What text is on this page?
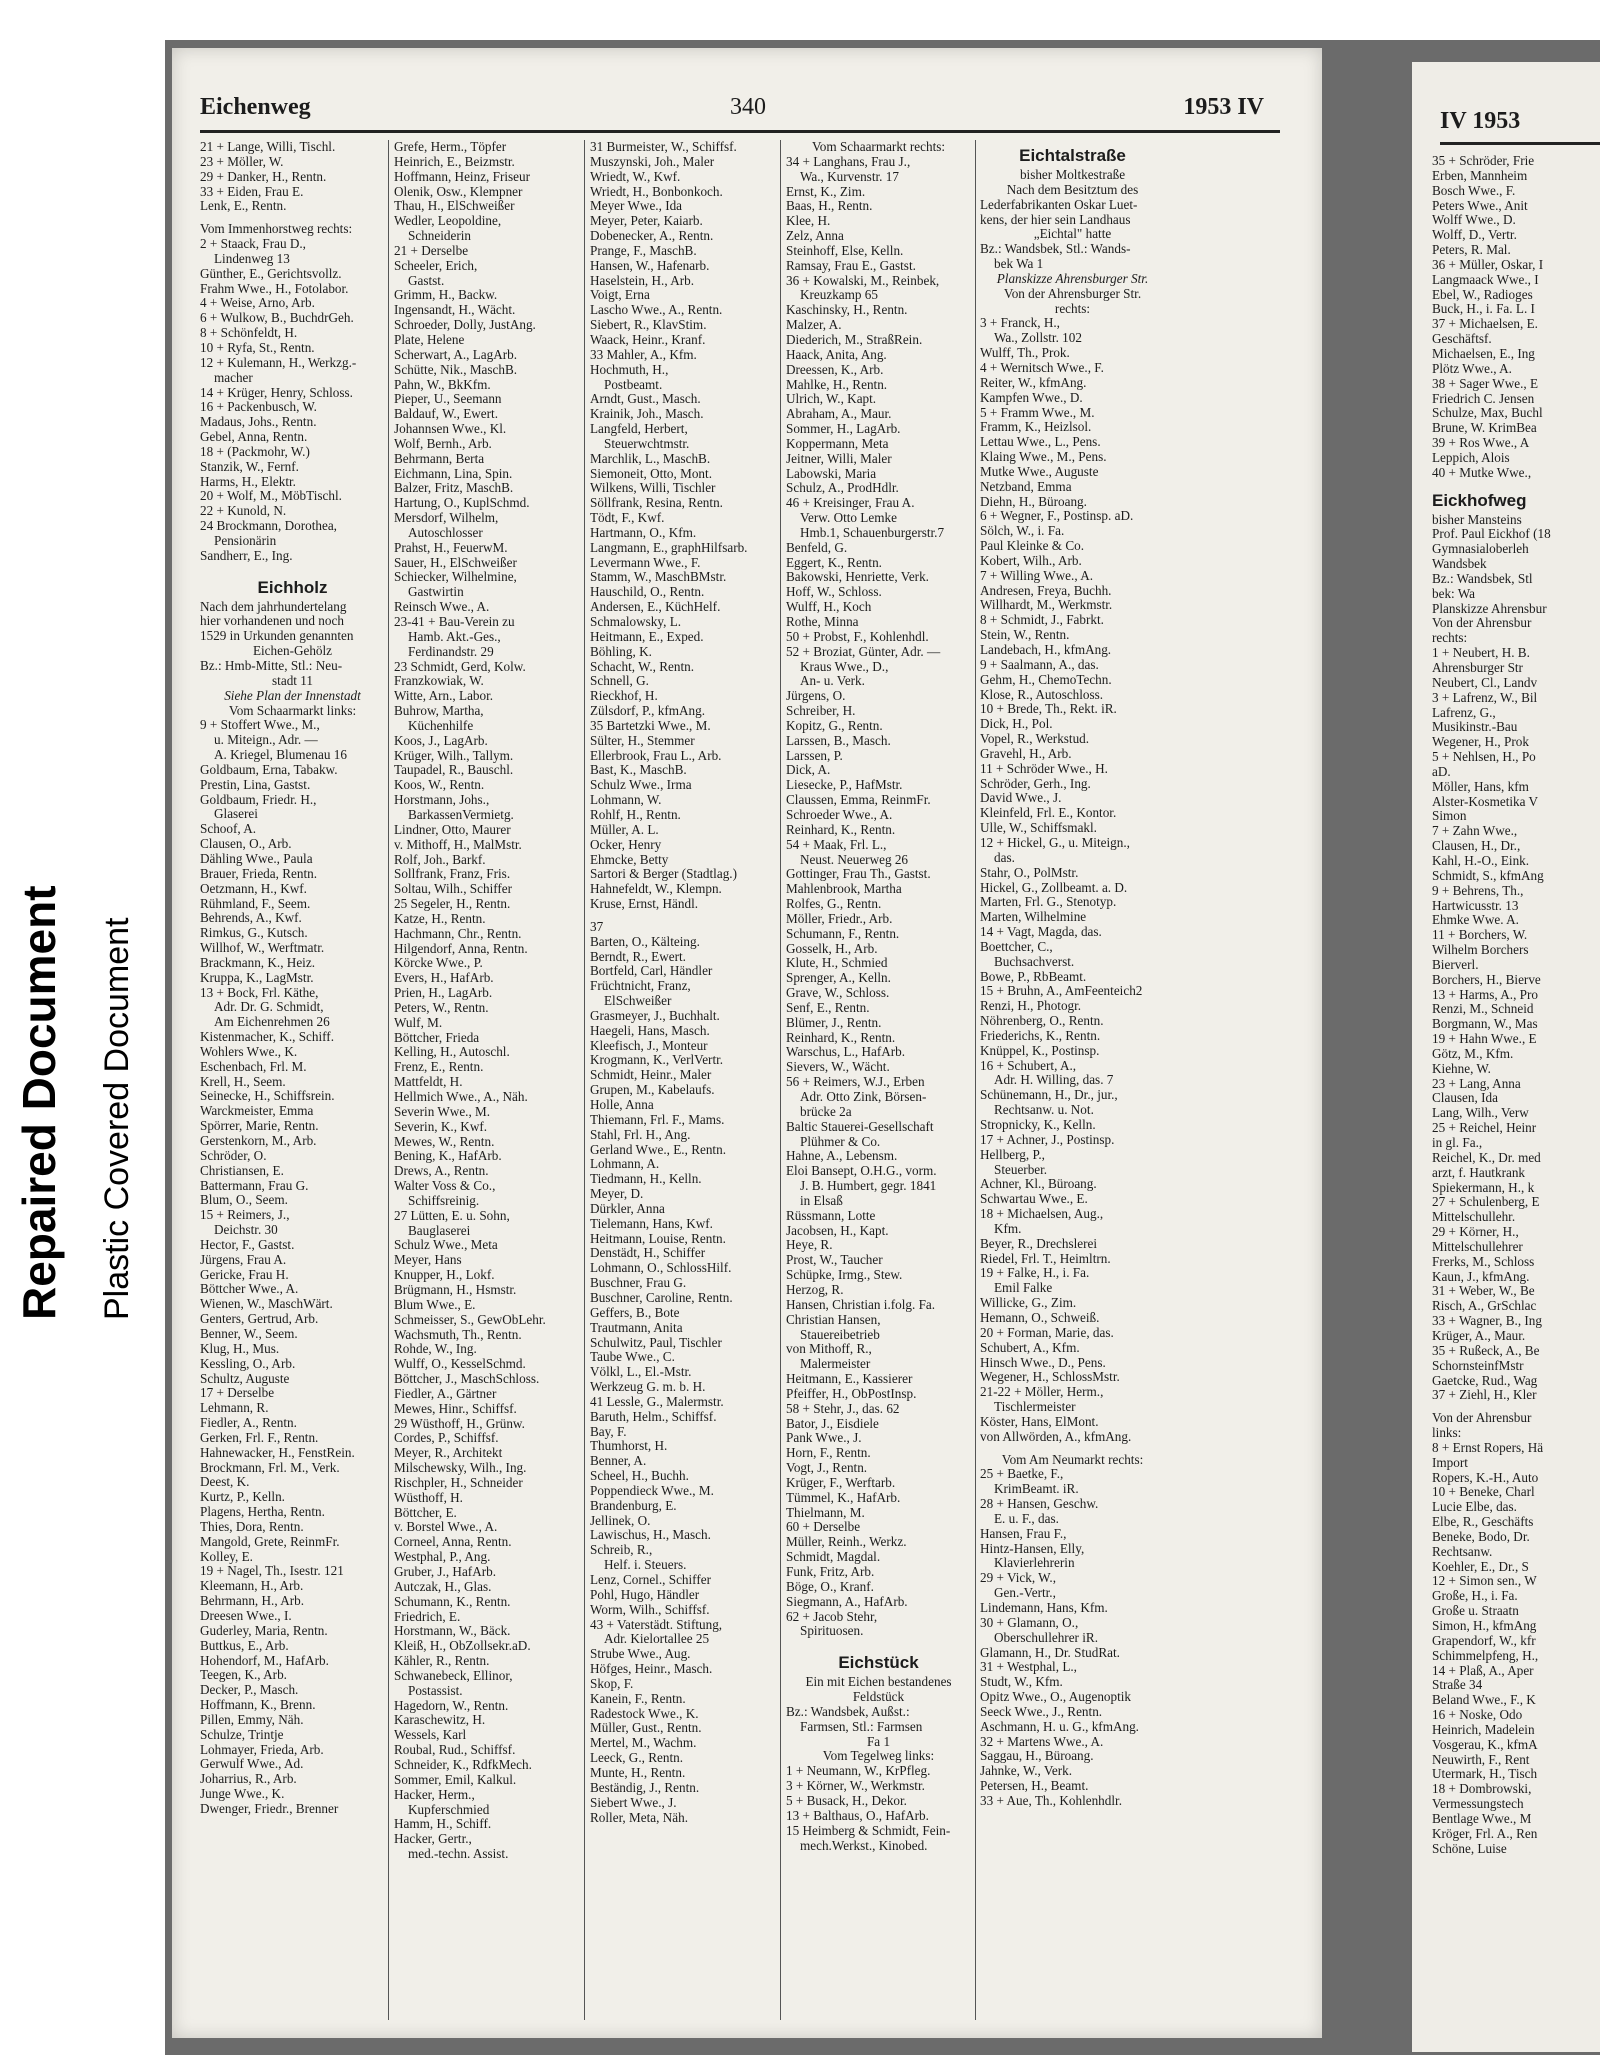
Repaired Document Plastic Covered Document
Eichenweg	340	1953 IV
21 + Lange, Willi, Tischl.
23 + Möller, W.
29 + Danker, H., Rentn.
33 + Eiden, Frau E.
Lenk, E., Rentn.
Vom Immenhorstweg rechts:
2 + Staack, Frau D.,
Lindenweg 13
Günther, E., Gerichtsvollz.
Frahm Wwe., H., Fotolabor.
4 + Weise, Arno, Arb.
6 + Wulkow, B., BuchdrGeh.
8 + Schönfeldt, H.
10 + Ryfa, St., Rentn.
12 + Kulemann, H., Werkzg.-
macher
14 + Krüger, Henry, Schloss.
16 + Packenbusch, W.
Madaus, Johs., Rentn.
Gebel, Anna, Rentn.
18 + (Packmohr, W.)
Stanzik, W., Fernf.
Harms, H., Elektr.
20 + Wolf, M., MöbTischl.
22 + Kunold, N.
24 Brockmann, Dorothea,
Pensionärin
Sandherr, E., Ing.
Eichholz
Nach dem jahrhundertelang
hier vorhandenen und noch
1529 in Urkunden genannten
Eichen-Gehölz
Bz.: Hmb-Mitte, Stl.: Neu-
stadt 11
Siehe Plan der Innenstadt
Vom Schaarmarkt links:
9 + Stoffert Wwe., M.,
u. Miteign., Adr. —
A. Kriegel, Blumenau 16
Goldbaum, Erna, Tabakw.
Prestin, Lina, Gastst.
Goldbaum, Friedr. H.,
Glaserei
Schoof, A.
Clausen, O., Arb.
Dähling Wwe., Paula
Brauer, Frieda, Rentn.
Oetzmann, H., Kwf.
Rühmland, F., Seem.
Behrends, A., Kwf.
Rimkus, G., Kutsch.
Willhof, W., Werftmatr.
Brackmann, K., Heiz.
Kruppa, K., LagMstr.
13 + Bock, Frl. Käthe,
Adr. Dr. G. Schmidt,
Am Eichenrehmen 26
Kistenmacher, K., Schiff.
Wohlers Wwe., K.
Eschenbach, Frl. M.
Krell, H., Seem.
Seinecke, H., Schiffsrein.
Warckmeister, Emma
Spörrer, Marie, Rentn.
Gerstenkorn, M., Arb.
Schröder, O.
Christiansen, E.
Battermann, Frau G.
Blum, O., Seem.
15 + Reimers, J.,
Deichstr. 30
Hector, F., Gastst.
Jürgens, Frau A.
Gericke, Frau H.
Böttcher Wwe., A.
Wienen, W., MaschWärt.
Genters, Gertrud, Arb.
Benner, W., Seem.
Klug, H., Mus.
Kessling, O., Arb.
Schultz, Auguste
17 + Derselbe
Lehmann, R.
Fiedler, A., Rentn.
Gerken, Frl. F., Rentn.
Hahnewacker, H., FenstRein.
Brockmann, Frl. M., Verk.
Deest, K.
Kurtz, P., Kelln.
Plagens, Hertha, Rentn.
Thies, Dora, Rentn.
Mangold, Grete, ReinmFr.
Kolley, E.
19 + Nagel, Th., Isestr. 121
Kleemann, H., Arb.
Behrmann, H., Arb.
Dreesen Wwe., I.
Guderley, Maria, Rentn.
Buttkus, E., Arb.
Hohendorf, M., HafArb.
Teegen, K., Arb.
Decker, P., Masch.
Hoffmann, K., Brenn.
Pillen, Emmy, Näh.
Schulze, Trintje
Lohmayer, Frieda, Arb.
Gerwulf Wwe., Ad.
Joharrius, R., Arb.
Junge Wwe., K.
Dwenger, Friedr., Brenner
Grefe, Herm., Töpfer
Heinrich, E., Beizmstr.
Hoffmann, Heinz, Friseur
Olenik, Osw., Klempner
Thau, H., ElSchweißer
Wedler, Leopoldine,
Schneiderin
21 + Derselbe
Scheeler, Erich,
Gastst.
Grimm, H., Backw.
Ingensandt, H., Wächt.
Schroeder, Dolly, JustAng.
Plate, Helene
Scherwart, A., LagArb.
Schütte, Nik., MaschB.
Pahn, W., BkKfm.
Pieper, U., Seemann
Baldauf, W., Ewert.
Johannsen Wwe., Kl.
Wolf, Bernh., Arb.
Behrmann, Berta
Eichmann, Lina, Spin.
Balzer, Fritz, MaschB.
Hartung, O., KuplSchmd.
Mersdorf, Wilhelm,
Autoschlosser
Prahst, H., FeuerwM.
Sauer, H., ElSchweißer
Schiecker, Wilhelmine,
Gastwirtin
Reinsch Wwe., A.
23-41 + Bau-Verein zu
Hamb. Akt.-Ges.,
Ferdinandstr. 29
23 Schmidt, Gerd, Kolw.
Franzkowiak, W.
Witte, Arn., Labor.
Buhrow, Martha,
Küchenhilfe
Koos, J., LagArb.
Krüger, Wilh., Tallym.
Taupadel, R., Bauschl.
Koos, W., Rentn.
Horstmann, Johs.,
BarkassenVermietg.
Lindner, Otto, Maurer
v. Mithoff, H., MalMstr.
Rolf, Joh., Barkf.
Sollfrank, Franz, Fris.
Soltau, Wilh., Schiffer
25 Segeler, H., Rentn.
Katze, H., Rentn.
Hachmann, Chr., Rentn.
Hilgendorf, Anna, Rentn.
Körcke Wwe., P.
Evers, H., HafArb.
Prien, H., LagArb.
Peters, W., Rentn.
Wulf, M.
Böttcher, Frieda
Kelling, H., Autoschl.
Frenz, E., Rentn.
Mattfeldt, H.
Hellmich Wwe., A., Näh.
Severin Wwe., M.
Severin, K., Kwf.
Mewes, W., Rentn.
Bening, K., HafArb.
Drews, A., Rentn.
Walter Voss & Co.,
Schiffsreinig.
27 Lütten, E. u. Sohn,
Bauglaserei
Schulz Wwe., Meta
Meyer, Hans
Knupper, H., Lokf.
Brügmann, H., Hsmstr.
Blum Wwe., E.
Schmeisser, S., GewObLehr.
Wachsmuth, Th., Rentn.
Rohde, W., Ing.
Wulff, O., KesselSchmd.
Böttcher, J., MaschSchloss.
Fiedler, A., Gärtner
Mewes, Hinr., Schiffsf.
29 Wüsthoff, H., Grünw.
Cordes, P., Schiffsf.
Meyer, R., Architekt
Milschewsky, Wilh., Ing.
Rischpler, H., Schneider
Wüsthoff, H.
Böttcher, E.
v. Borstel Wwe., A.
Corneel, Anna, Rentn.
Westphal, P., Ang.
Gruber, J., HafArb.
Autczak, H., Glas.
Schumann, K., Rentn.
Friedrich, E.
Horstmann, W., Bäck.
Kleiß, H., ObZollsekr.aD.
Kähler, R., Rentn.
Schwanebeck, Ellinor,
Postassist.
Hagedorn, W., Rentn.
Karaschewitz, H.
Wessels, Karl
Roubal, Rud., Schiffsf.
Schneider, K., RdfkMech.
Sommer, Emil, Kalkul.
Hacker, Herm.,
Kupferschmied
Hamm, H., Schiff.
Hacker, Gertr.,
med.-techn. Assist.
31 Burmeister, W., Schiffsf.
Muszynski, Joh., Maler
Wriedt, W., Kwf.
Wriedt, H., Bonbonkoch.
Meyer Wwe., Ida
Meyer, Peter, Kaiarb.
Dobenecker, A., Rentn.
Prange, F., MaschB.
Hansen, W., Hafenarb.
Haselstein, H., Arb.
Voigt, Erna
Lascho Wwe., A., Rentn.
Siebert, R., KlavStim.
Waack, Heinr., Kranf.
33 Mahler, A., Kfm.
Hochmuth, H.,
Postbeamt.
Arndt, Gust., Masch.
Krainik, Joh., Masch.
Langfeld, Herbert,
Steuerwchtmstr.
Marchlik, L., MaschB.
Siemoneit, Otto, Mont.
Wilkens, Willi, Tischler
Söllfrank, Resina, Rentn.
Tödt, F., Kwf.
Hartmann, O., Kfm.
Langmann, E., graphHilfsarb.
Levermann Wwe., F.
Stamm, W., MaschBMstr.
Hauschild, O., Rentn.
Andersen, E., KüchHelf.
Schmalowsky, L.
Heitmann, E., Exped.
Böhling, K.
Schacht, W., Rentn.
Schnell, G.
Rieckhof, H.
Zülsdorf, P., kfmAng.
35 Bartetzki Wwe., M.
Sülter, H., Stemmer
Ellerbrook, Frau L., Arb.
Bast, K., MaschB.
Schulz Wwe., Irma
Lohmann, W.
Rohlf, H., Rentn.
Müller, A. L.
Ocker, Henry
Ehmcke, Betty
Sartori & Berger (Stadtlag.)
Hahnefeldt, W., Klempn.
Kruse, Ernst, Händl.
37
Barten, O., Kälteing.
Berndt, R., Ewert.
Bortfeld, Carl, Händler
Früchtnicht, Franz,
ElSchweißer
Grasmeyer, J., Buchhalt.
Haegeli, Hans, Masch.
Kleefisch, J., Monteur
Krogmann, K., VerlVertr.
Schmidt, Heinr., Maler
Grupen, M., Kabelaufs.
Holle, Anna
Thiemann, Frl. F., Mams.
Stahl, Frl. H., Ang.
Gerland Wwe., E., Rentn.
Lohmann, A.
Tiedmann, H., Kelln.
Meyer, D.
Dürkler, Anna
Tielemann, Hans, Kwf.
Heitmann, Louise, Rentn.
Denstädt, H., Schiffer
Lohmann, O., SchlossHilf.
Buschner, Frau G.
Buschner, Caroline, Rentn.
Geffers, B., Bote
Trautmann, Anita
Schulwitz, Paul, Tischler
Taube Wwe., C.
Völkl, L., El.-Mstr.
Werkzeug G. m. b. H.
41 Lessle, G., Malermstr.
Baruth, Helm., Schiffsf.
Bay, F.
Thumhorst, H.
Benner, A.
Scheel, H., Buchh.
Poppendieck Wwe., M.
Brandenburg, E.
Jellinek, O.
Lawischus, H., Masch.
Schreib, R.,
Helf. i. Steuers.
Lenz, Cornel., Schiffer
Pohl, Hugo, Händler
Worm, Wilh., Schiffsf.
43 + Vaterstädt. Stiftung,
Adr. Kielortallee 25
Strube Wwe., Aug.
Höfges, Heinr., Masch.
Skop, F.
Kanein, F., Rentn.
Radestock Wwe., K.
Müller, Gust., Rentn.
Mertel, M., Wachm.
Leeck, G., Rentn.
Munte, H., Rentn.
Beständig, J., Rentn.
Siebert Wwe., J.
Roller, Meta, Näh.
Vom Schaarmarkt rechts:
34 + Langhans, Frau J.,
Wa., Kurvenstr. 17
Ernst, K., Zim.
Baas, H., Rentn.
Klee, H.
Zelz, Anna
Steinhoff, Else, Kelln.
Ramsay, Frau E., Gastst.
36 + Kowalski, M., Reinbek,
Kreuzkamp 65
Kaschinsky, H., Rentn.
Malzer, A.
Diederich, M., StraßRein.
Haack, Anita, Ang.
Dreessen, K., Arb.
Mahlke, H., Rentn.
Ulrich, W., Kapt.
Abraham, A., Maur.
Sommer, H., LagArb.
Koppermann, Meta
Jeitner, Willi, Maler
Labowski, Maria
Schulz, A., ProdHdlr.
46 + Kreisinger, Frau A.
Verw. Otto Lemke
Hmb.1, Schauenburgerstr.7
Benfeld, G.
Eggert, K., Rentn.
Bakowski, Henriette, Verk.
Hoff, W., Schloss.
Wulff, H., Koch
Rothe, Minna
50 + Probst, F., Kohlenhdl.
52 + Broziat, Günter, Adr. —
Kraus Wwe., D.,
An- u. Verk.
Jürgens, O.
Schreiber, H.
Kopitz, G., Rentn.
Larssen, B., Masch.
Larssen, P.
Dick, A.
Liesecke, P., HafMstr.
Claussen, Emma, ReinmFr.
Schroeder Wwe., A.
Reinhard, K., Rentn.
54 + Maak, Frl. L.,
Neust. Neuerweg 26
Gottinger, Frau Th., Gastst.
Mahlenbrook, Martha
Rolfes, G., Rentn.
Möller, Friedr., Arb.
Schumann, F., Rentn.
Gosselk, H., Arb.
Klute, H., Schmied
Sprenger, A., Kelln.
Grave, W., Schloss.
Senf, E., Rentn.
Blümer, J., Rentn.
Reinhard, K., Rentn.
Warschus, L., HafArb.
Sievers, W., Wächt.
56 + Reimers, W.J., Erben
Adr. Otto Zink, Börsen-
brücke 2a
Baltic Stauerei-Gesellschaft
Plühmer & Co.
Hahne, A., Lebensm.
Eloi Bansept, O.H.G., vorm.
J. B. Humbert, gegr. 1841
in Elsaß
Rüssmann, Lotte
Jacobsen, H., Kapt.
Heye, R.
Prost, W., Taucher
Schüpke, Irmg., Stew.
Herzog, R.
Hansen, Christian i.folg. Fa.
Christian Hansen,
Stauereibetrieb
von Mithoff, R.,
Malermeister
Heitmann, E., Kassierer
Pfeiffer, H., ObPostInsp.
58 + Stehr, J., das. 62
Bator, J., Eisdiele
Pank Wwe., J.
Horn, F., Rentn.
Vogt, J., Rentn.
Krüger, F., Werftarb.
Tümmel, K., HafArb.
Thielmann, M.
60 + Derselbe
Müller, Reinh., Werkz.
Schmidt, Magdal.
Funk, Fritz, Arb.
Böge, O., Kranf.
Siegmann, A., HafArb.
62 + Jacob Stehr,
Spirituosen.
Eichstück
Ein mit Eichen bestandenes
Feldstück
Bz.: Wandsbek, Außst.:
Farmsen, Stl.: Farmsen
Fa 1
Vom Tegelweg links:
1 + Neumann, W., KrPfleg.
3 + Körner, W., Werkmstr.
5 + Busack, H., Dekor.
13 + Balthaus, O., HafArb.
15 Heimberg & Schmidt, Fein-
mech.Werkst., Kinobed.
Eichtalstraße
bisher Moltkestraße
Nach dem Besitztum des
Lederfabrikanten Oskar Luet-
kens, der hier sein Landhaus
„Eichtal" hatte
Bz.: Wandsbek, Stl.: Wands-
bek Wa 1
Planskizze Ahrensburger Str.
Von der Ahrensburger Str.
rechts:
3 + Franck, H.,
Wa., Zollstr. 102
Wulff, Th., Prok.
4 + Wernitsch Wwe., F.
Reiter, W., kfmAng.
Kampfen Wwe., D.
5 + Framm Wwe., M.
Framm, K., Heizlsol.
Lettau Wwe., L., Pens.
Klaing Wwe., M., Pens.
Mutke Wwe., Auguste
Netzband, Emma
Diehn, H., Büroang.
6 + Wegner, F., Postinsp. aD.
Sölch, W., i. Fa.
Paul Kleinke & Co.
Kobert, Wilh., Arb.
7 + Willing Wwe., A.
Andresen, Freya, Buchh.
Willhardt, M., Werkmstr.
8 + Schmidt, J., Fabrkt.
Stein, W., Rentn.
Landebach, H., kfmAng.
9 + Saalmann, A., das.
Gehm, H., ChemoTechn.
Klose, R., Autoschloss.
10 + Brede, Th., Rekt. iR.
Dick, H., Pol.
Vopel, R., Werkstud.
Gravehl, H., Arb.
11 + Schröder Wwe., H.
Schröder, Gerh., Ing.
David Wwe., J.
Kleinfeld, Frl. E., Kontor.
Ulle, W., Schiffsmakl.
12 + Hickel, G., u. Miteign.,
das.
Stahr, O., PolMstr.
Hickel, G., Zollbeamt. a. D.
Marten, Frl. G., Stenotyp.
Marten, Wilhelmine
14 + Vagt, Magda, das.
Boettcher, C.,
Buchsachverst.
Bowe, P., RbBeamt.
15 + Bruhn, A., AmFeenteich2
Renzi, H., Photogr.
Nöhrenberg, O., Rentn.
Friederichs, K., Rentn.
Knüppel, K., Postinsp.
16 + Schubert, A.,
Adr. H. Willing, das. 7
Schünemann, H., Dr., jur.,
Rechtsanw. u. Not.
Stropnicky, K., Kelln.
17 + Achner, J., Postinsp.
Hellberg, P.,
Steuerber.
Achner, Kl., Büroang.
Schwartau Wwe., E.
18 + Michaelsen, Aug.,
Kfm.
Beyer, R., Drechslerei
Riedel, Frl. T., Heimltrn.
19 + Falke, H., i. Fa.
Emil Falke
Willicke, G., Zim.
Hemann, O., Schweiß.
20 + Forman, Marie, das.
Schubert, A., Kfm.
Hinsch Wwe., D., Pens.
Wegener, H., SchlossMstr.
21-22 + Möller, Herm.,
Tischlermeister
Köster, Hans, ElMont.
von Allwörden, A., kfmAng.
Vom Am Neumarkt rechts:
25 + Baetke, F.,
KrimBeamt. iR.
28 + Hansen, Geschw.
E. u. F., das.
Hansen, Frau F.,
Hintz-Hansen, Elly,
Klavierlehrerin
29 + Vick, W.,
Gen.-Vertr.,
Lindemann, Hans, Kfm.
30 + Glamann, O.,
Oberschullehrer iR.
Glamann, H., Dr. StudRat.
31 + Westphal, L.,
Studt, W., Kfm.
Opitz Wwe., O., Augenoptik
Seeck Wwe., J., Rentn.
Aschmann, H. u. G., kfmAng.
32 + Martens Wwe., A.
Saggau, H., Büroang.
Jahnke, W., Verk.
Petersen, H., Beamt.
33 + Aue, Th., Kohlenhdlr.
IV 1953
35 + Schröder, Frie
Erben, Mannheim
Bosch Wwe., F.
Peters Wwe., Anit
Wolff Wwe., D.
Wolff, D., Vertr.
Peters, R. Mal.
36 + Müller, Oskar, I
Langmaack Wwe., I
Ebel, W., Radioges
Buck, H., i. Fa. L. I
37 + Michaelsen, E.
Geschäftsf.
Michaelsen, E., Ing
Plötz Wwe., A.
38 + Sager Wwe., E
Friedrich C. Jensen
Schulze, Max, Buchl
Brune, W. KrimBea
39 + Ros Wwe., A
Leppich, Alois
40 + Mutke Wwe.,
Eickhofweg
bisher Mansteins
Prof. Paul Eickhof (18
Gymnasialoberleh
Wandsbek
Bz.: Wandsbek, Stl
bek: Wa
Planskizze Ahrensbur
Von der Ahrensbur
rechts:
1 + Neubert, H. B.
Ahrensburger Str
Neubert, Cl., Landv
3 + Lafrenz, W., Bil
Lafrenz, G.,
Musikinstr.-Bau
Wegener, H., Prok
5 + Nehlsen, H., Po
aD.
Möller, Hans, kfm
Alster-Kosmetika V
Simon
7 + Zahn Wwe.,
Clausen, H., Dr.,
Kahl, H.-O., Eink.
Schmidt, S., kfmAng
9 + Behrens, Th.,
Hartwicusstr. 13
Ehmke Wwe. A.
11 + Borchers, W.
Wilhelm Borchers
Bierverl.
Borchers, H., Bierve
13 + Harms, A., Pro
Renzi, M., Schneid
Borgmann, W., Mas
19 + Hahn Wwe., E
Götz, M., Kfm.
Kiehne, W.
23 + Lang, Anna
Clausen, Ida
Lang, Wilh., Verw
25 + Reichel, Heinr
in gl. Fa.,
Reichel, K., Dr. med
arzt, f. Hautkrank
Spiekermann, H., k
27 + Schulenberg, E
Mittelschullehr.
29 + Körner, H.,
Mittelschullehrer
Frerks, M., Schloss
Kaun, J., kfmAng.
31 + Weber, W., Be
Risch, A., GrSchlac
33 + Wagner, B., Ing
Krüger, A., Maur.
35 + Rußeck, A., Be
SchornsteinfMstr
Gaetcke, Rud., Wag
37 + Ziehl, H., Kler
Von der Ahrensbur
links:
8 + Ernst Ropers, Hä
Import
Ropers, K.-H., Auto
10 + Beneke, Charl
Lucie Elbe, das.
Elbe, R., Geschäfts
Beneke, Bodo, Dr.
Rechtsanw.
Koehler, E., Dr., S
12 + Simon sen., W
Große, H., i. Fa.
Große u. Straatn
Simon, H., kfmAng
Grapendorf, W., kfr
Schimmelpfeng, H.,
14 + Plaß, A., Aper
Straße 34
Beland Wwe., F., K
16 + Noske, Odo
Heinrich, Madelein
Vosgerau, K., kfmA
Neuwirth, F., Rent
Utermark, H., Tisch
18 + Dombrowski,
Vermessungstech
Bentlage Wwe., M
Kröger, Frl. A., Ren
Schöne, Luise
